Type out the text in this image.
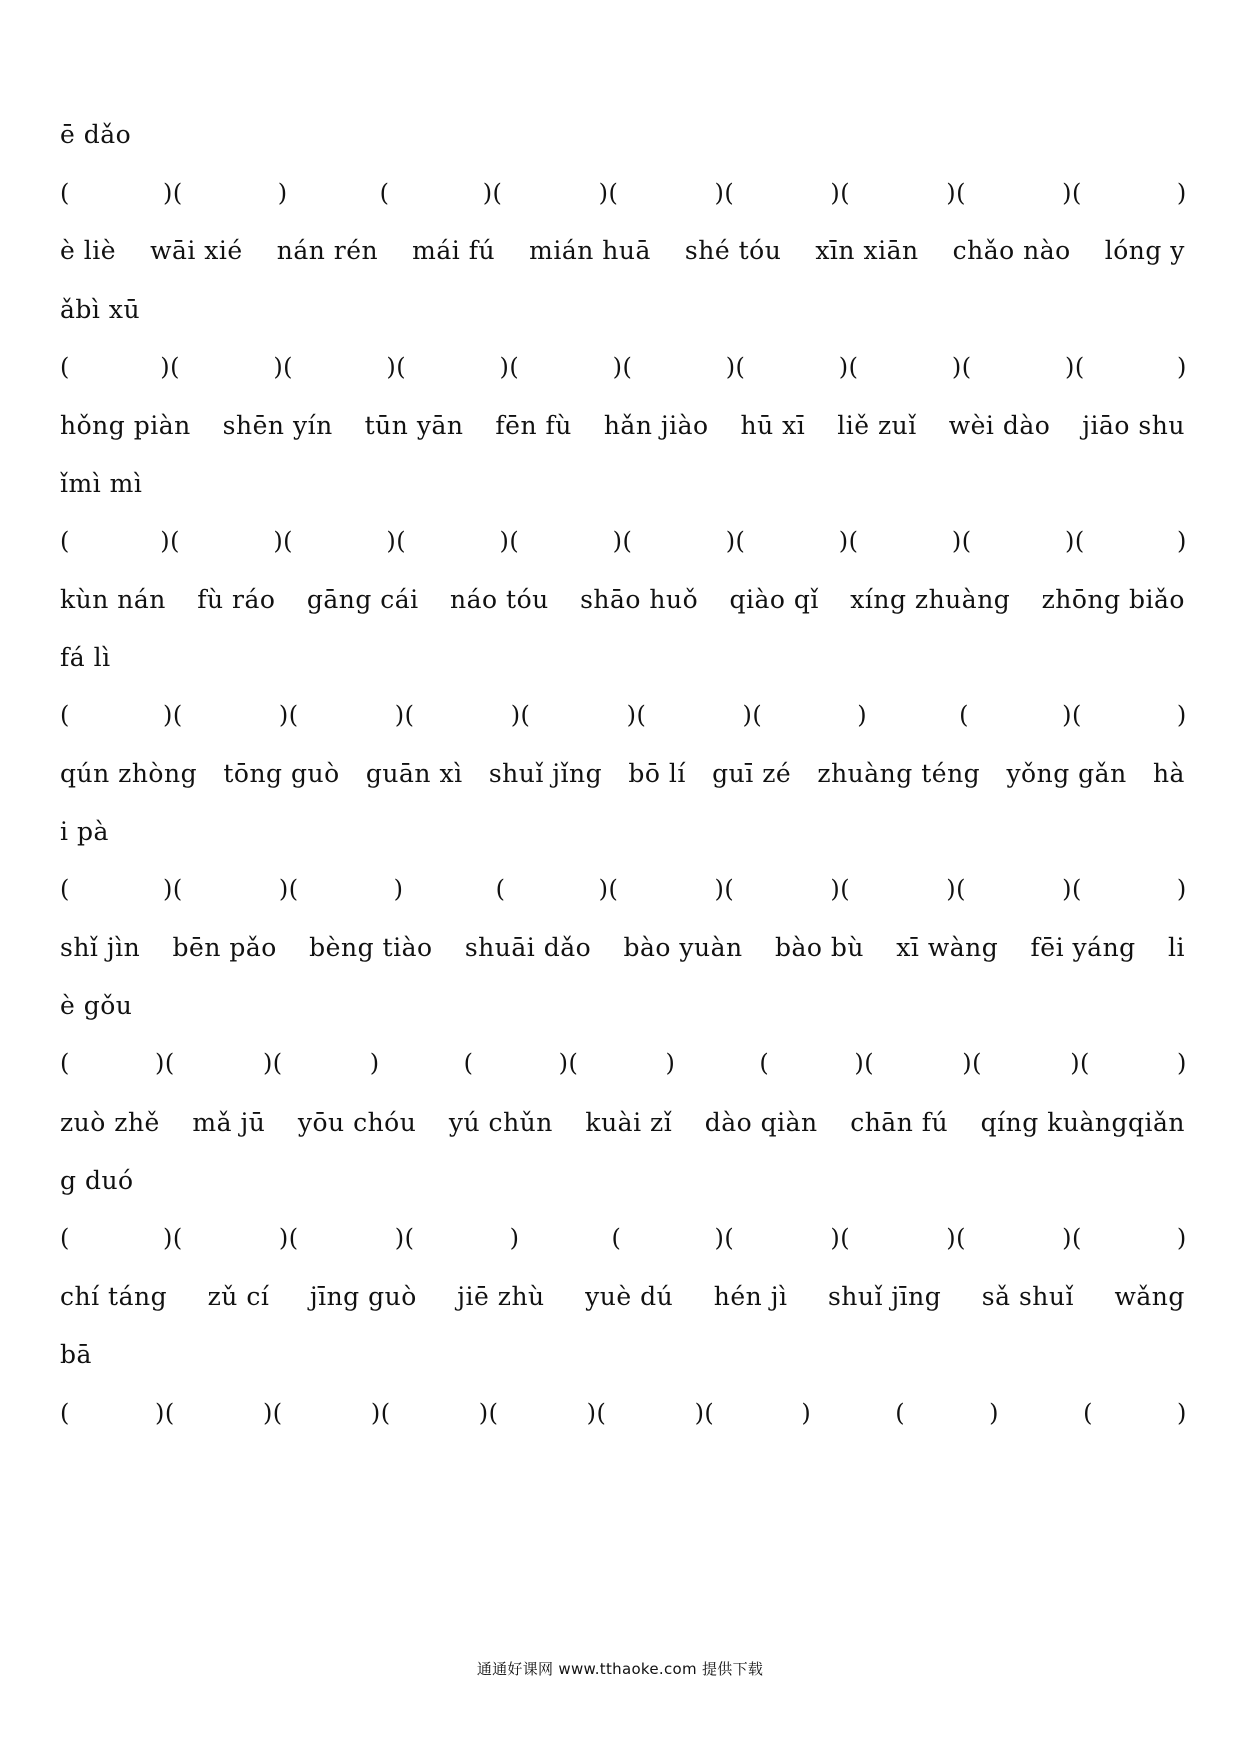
ē dǎo
(	)(	)	(	)(	)(	)(	)(	)(	)(	)
è liè wāi xié nán rén mái fú mián huā shé tóu xīn xiān chǎo nào lóng y
ǎbì xū
(	)(	)(	)(	)(	)(	)(	)(	)(	)(	)
hǒng piàn shēn yín tūn yān fēn fù hǎn jiào hū xī liě zuǐ wèi dào jiāo shu
ǐmì mì
(	)(	)(	)(	)(	)(	)(	)(	)(	)(	)
kùn nán fù ráo gāng cái náo tóu shāo huǒ qiào qǐ xíng zhuàng zhōng biǎo
fá lì
(	)(	)(	)(	)(	)(	)(	)	(	)(	)
qún zhòng tōng guò guān xì shuǐ jǐng bō lí guī zé zhuàng téng yǒng gǎn hà
i pà
(	)(	)(	)	(	)(	)(	)(	)(	)(	)
shǐ jìn bēn pǎo bèng tiào shuāi dǎo bào yuàn bào bù xī wàng fēi yáng li
è gǒu
(	)(	)(	)	(	)(	)	(	)(	)(	)(	)
zuò zhě mǎ jū yōu chóu yú chǔn kuài zǐ dào qiàn chān fú qíng kuàngqiǎn
g duó
(	)(	)(	)(	)	(	)(	)(	)(	)(	)
chí táng zǔ cí jīng guò jiē zhù yuè dú hén jì shuǐ jīng sǎ shuǐ wǎng
bā
(	)(	)(	)(	)(	)(	)(	)	(	)	(	)
通通好课网 www.tthaoke.com 提供下载
